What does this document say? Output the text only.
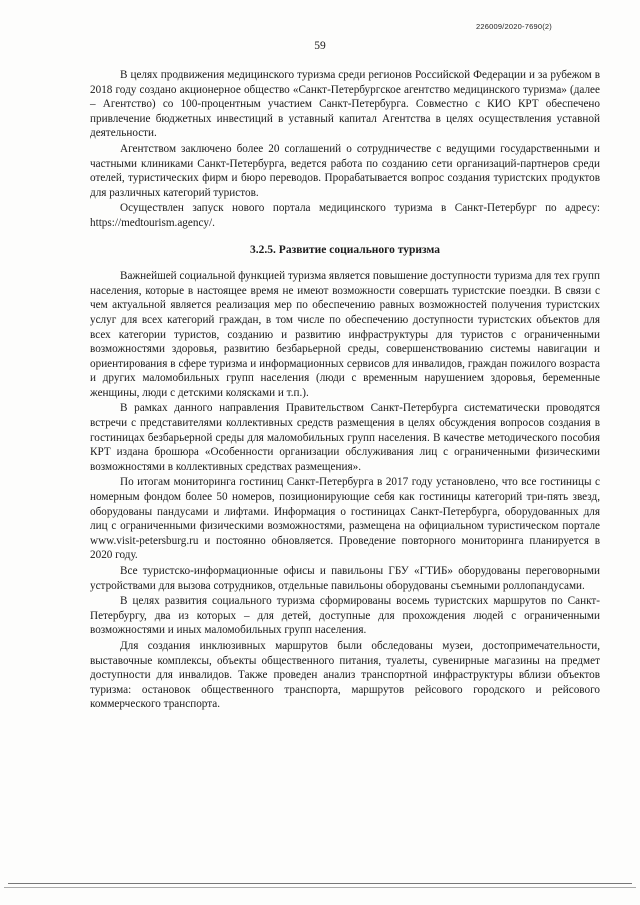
226009/2020-7690(2)
59

В целях продвижения медицинского туризма среди регионов Российской Федерации и за рубежом в 2018 году создано акционерное общество «Санкт-Петербургское агентство медицинского туризма» (далее – Агентство) со 100-процентным участием Санкт-Петербурга. Совместно с КИО КРТ обеспечено привлечение бюджетных инвестиций в уставный капитал Агентства в целях осуществления уставной деятельности.

Агентством заключено более 20 соглашений о сотрудничестве с ведущими государственными и частными клиниками Санкт-Петербурга, ведется работа по созданию сети организаций-партнеров среди отелей, туристических фирм и бюро переводов. Прорабатывается вопрос создания туристских продуктов для различных категорий туристов.

Осуществлен запуск нового портала медицинского туризма в Санкт-Петербург по адресу: https://medtourism.agency/.

3.2.5. Развитие социального туризма

Важнейшей социальной функцией туризма является повышение доступности туризма для тех групп населения, которые в настоящее время не имеют возможности совершать туристские поездки. В связи с чем актуальной является реализация мер по обеспечению равных возможностей получения туристских услуг для всех категорий граждан, в том числе по обеспечению доступности туристских объектов для всех категории туристов, созданию и развитию инфраструктуры для туристов с ограниченными возможностями здоровья, развитию безбарьерной среды, совершенствованию системы навигации и ориентирования в сфере туризма и информационных сервисов для инвалидов, граждан пожилого возраста и других маломобильных групп населения (люди с временным нарушением здоровья, беременные женщины, люди с детскими колясками и т.п.).

В рамках данного направления Правительством Санкт-Петербурга систематически проводятся встречи с представителями коллективных средств размещения в целях обсуждения вопросов создания в гостиницах безбарьерной среды для маломобильных групп населения. В качестве методического пособия КРТ издана брошюра «Особенности организации обслуживания лиц с ограниченными физическими возможностями в коллективных средствах размещения».

По итогам мониторинга гостиниц Санкт-Петербурга в 2017 году установлено, что все гостиницы с номерным фондом более 50 номеров, позиционирующие себя как гостиницы категорий три-пять звезд, оборудованы пандусами и лифтами. Информация о гостиницах Санкт-Петербурга, оборудованных для лиц с ограниченными физическими возможностями, размещена на официальном туристическом портале www.visit-petersburg.ru и постоянно обновляется. Проведение повторного мониторинга планируется в 2020 году.

Все туристско-информационные офисы и павильоны ГБУ «ГТИБ» оборудованы переговорными устройствами для вызова сотрудников, отдельные павильоны оборудованы съемными роллопандусами.

В целях развития социального туризма сформированы восемь туристских маршрутов по Санкт-Петербургу, два из которых – для детей, доступные для прохождения людей с ограниченными возможностями и иных маломобильных групп населения.

Для создания инклюзивных маршрутов были обследованы музеи, достопримечательности, выставочные комплексы, объекты общественного питания, туалеты, сувенирные магазины на предмет доступности для инвалидов. Также проведен анализ транспортной инфраструктуры вблизи объектов туризма: остановок общественного транспорта, маршрутов рейсового городского и рейсового коммерческого транспорта.
